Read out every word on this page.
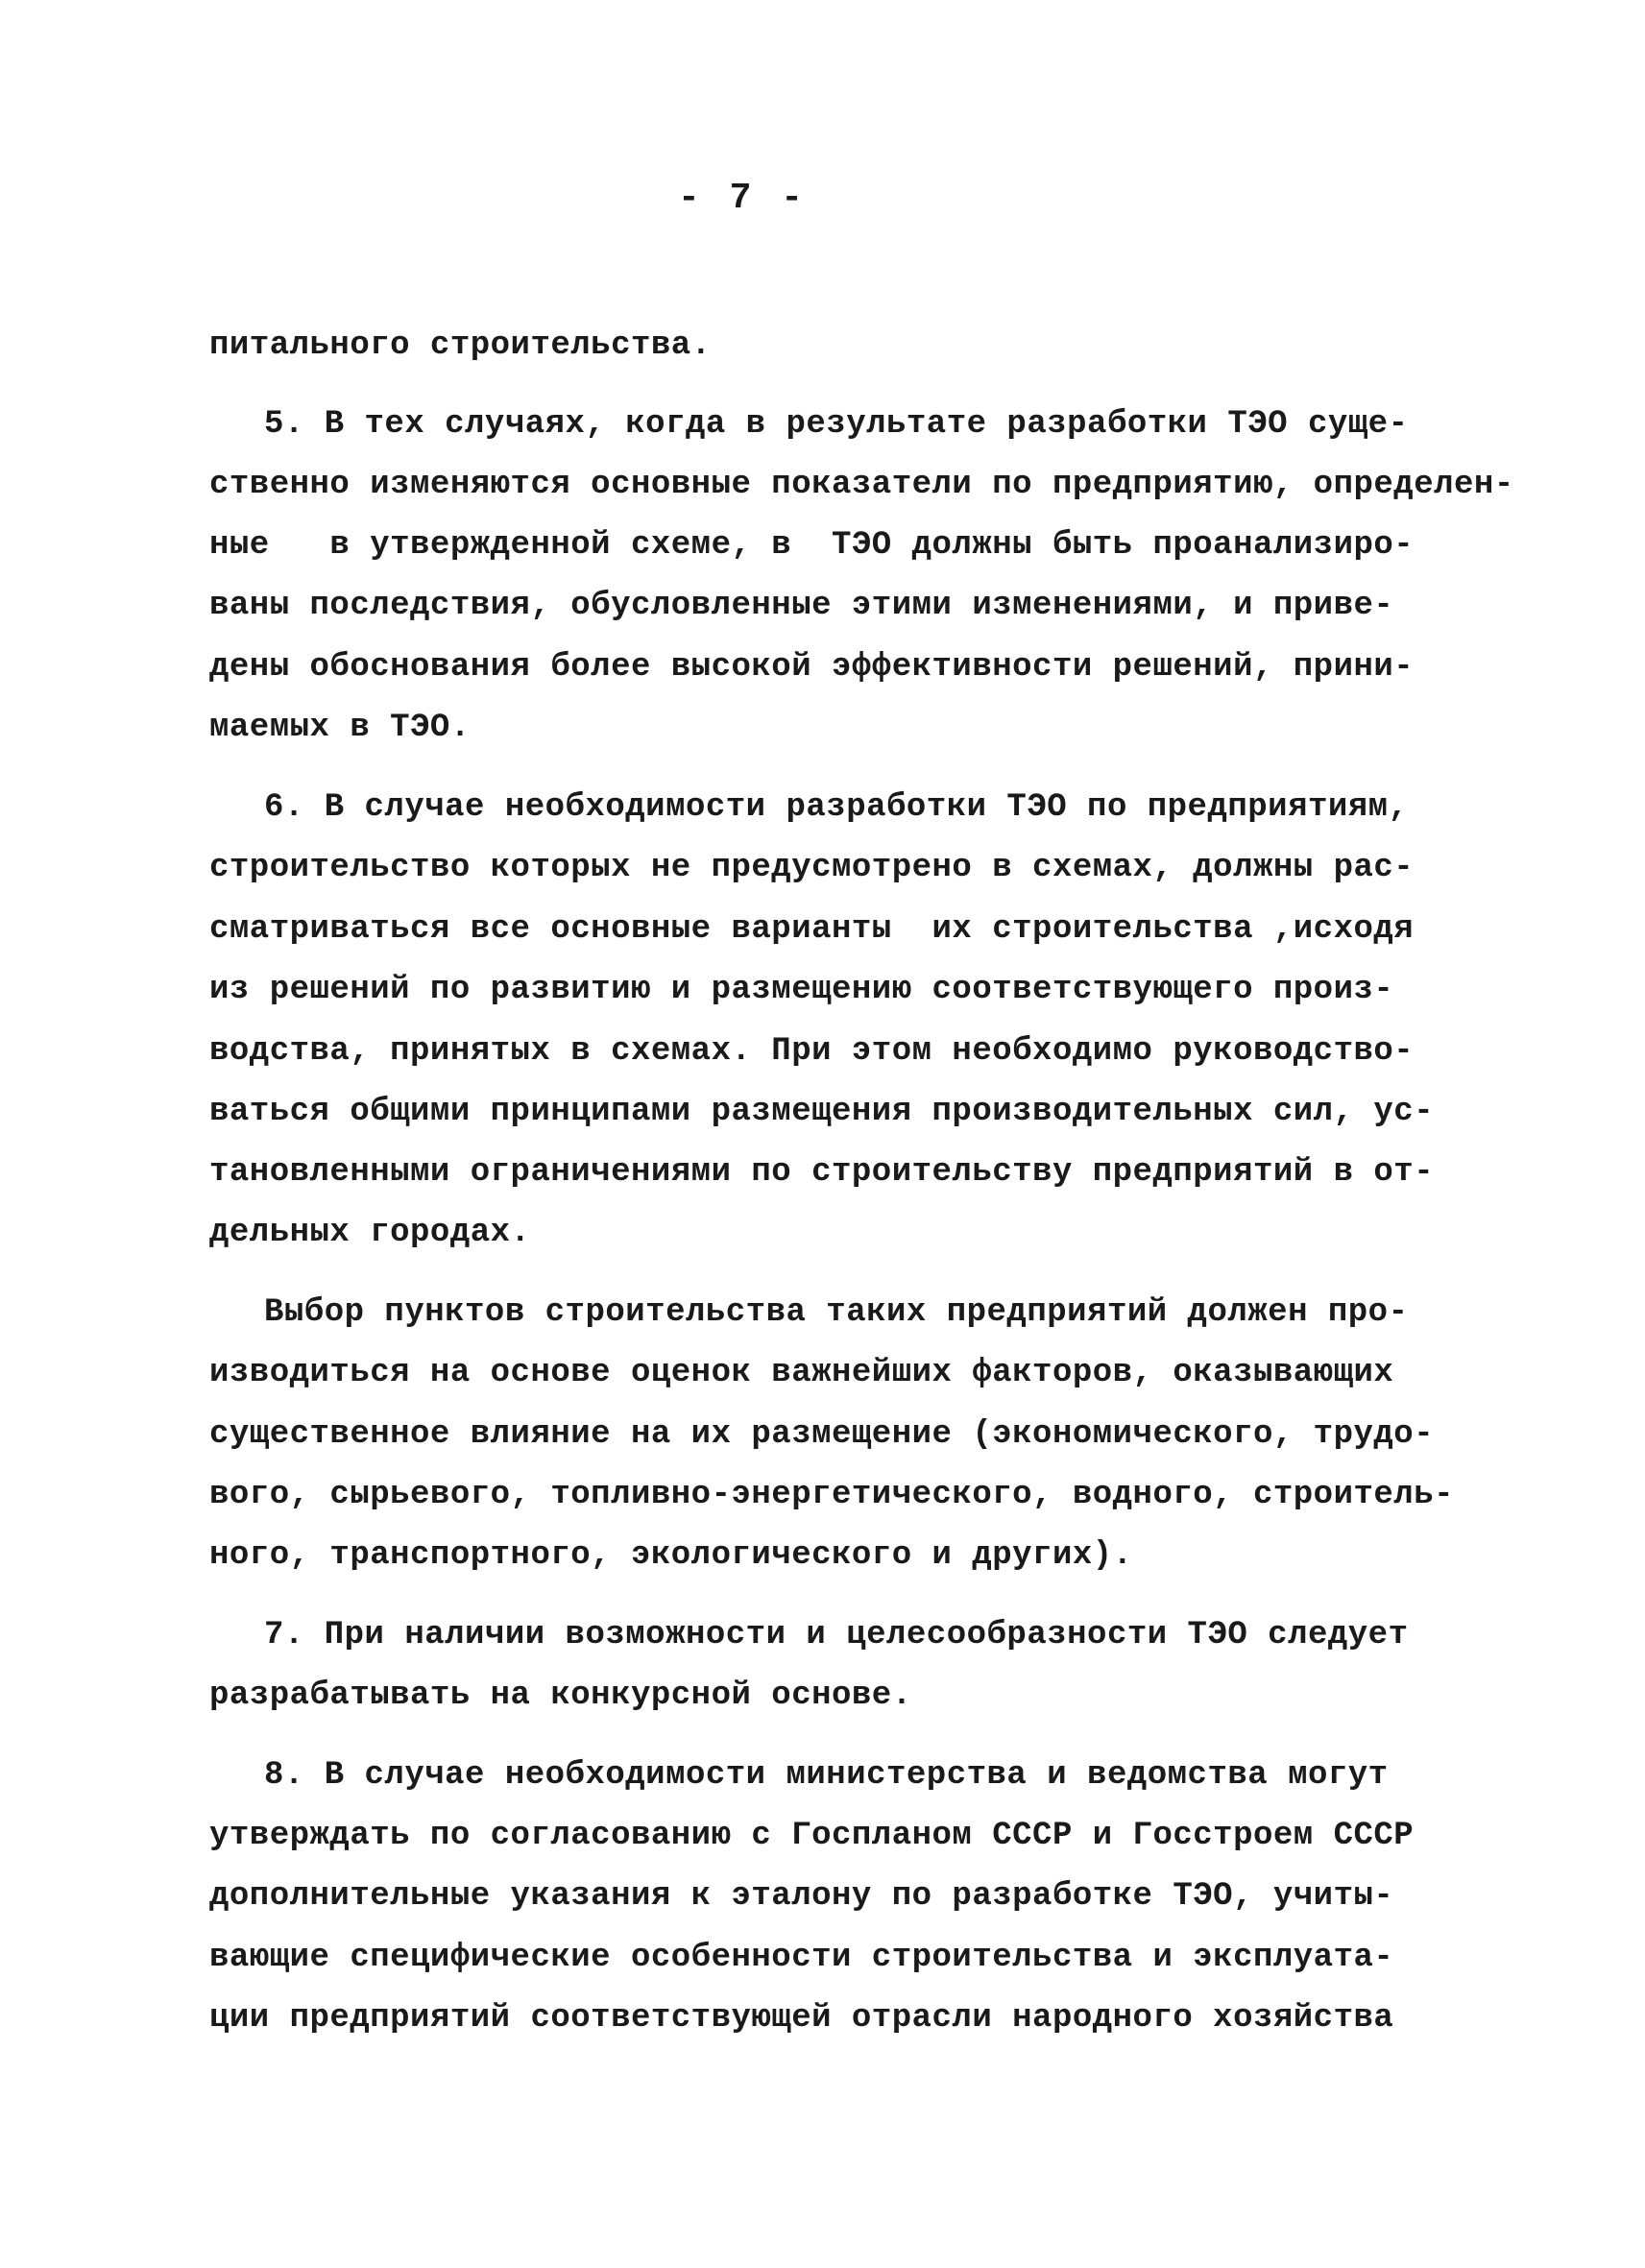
- 7 -
питального строительства.
5. В тех случаях, когда в результате разработки ТЭО суще-
ственно изменяются основные показатели по предприятию, определен-
ные   в утвержденной схеме, в  ТЭО должны быть проанализиро-
ваны последствия, обусловленные этими изменениями, и приве-
дены обоснования более высокой эффективности решений, прини-
маемых в ТЭО.
6. В случае необходимости разработки ТЭО по предприятиям,
строительство которых не предусмотрено в схемах, должны рас-
сматриваться все основные варианты  их строительства ,исходя
из решений по развитию и размещению соответствующего произ-
водства, принятых в схемах. При этом необходимо руководство-
ваться общими принципами размещения производительных сил, ус-
тановленными ограничениями по строительству предприятий в от-
дельных городах.
Выбор пунктов строительства таких предприятий должен про-
изводиться на основе оценок важнейших факторов, оказывающих
существенное влияние на их размещение (экономического, трудо-
вого, сырьевого, топливно-энергетического, водного, строитель-
ного, транспортного, экологического и других).
7. При наличии возможности и целесообразности ТЭО следует
разрабатывать на конкурсной основе.
8. В случае необходимости министерства и ведомства могут
утверждать по согласованию с Госпланом СССР и Госстроем СССР
дополнительные указания к эталону по разработке ТЭО, учиты-
вающие специфические особенности строительства и эксплуата-
ции предприятий соответствующей отрасли народного хозяйства
